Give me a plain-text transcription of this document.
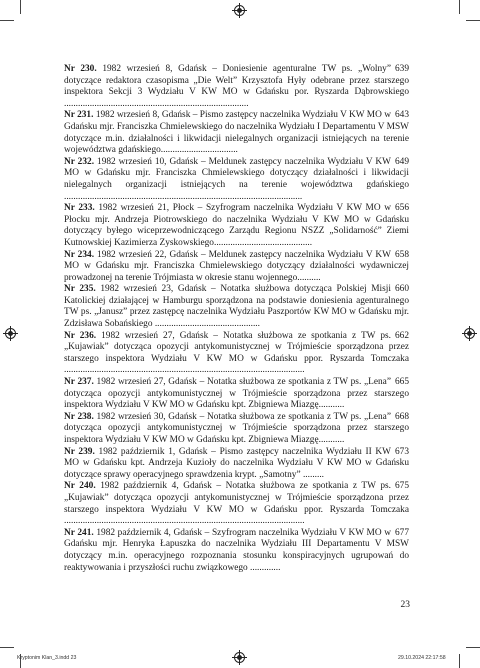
639
Nr 230. 1982 wrzesień 8, Gdańsk – Doniesienie agenturalne TW ps. „Wolny” dotyczące redaktora czasopisma „Die Welt” Krzysztofa Hyły odebrane przez starszego inspektora Sekcji 3 Wydziału V KW MO w Gdańsku por. Ryszarda Dąbrowskiego ...............................................................................

643
Nr 231. 1982 wrzesień 8, Gdańsk – Pismo zastępcy naczelnika Wydziału V KW MO w Gdańsku mjr. Franciszka Chmielewskiego do naczelnika Wydziału I Departamentu V MSW dotyczące m.in. działalności i likwidacji nielegalnych organizacji istniejących na terenie województwa gdańskiego.................................

649
Nr 232. 1982 wrzesień 10, Gdańsk – Meldunek zastępcy naczelnika Wydziału V KW MO w Gdańsku mjr. Franciszka Chmielewskiego dotyczący działalności i likwidacji nielegalnych organizacji istniejących na terenie województwa gdańskiego ......................................................................................................

656
Nr 233. 1982 wrzesień 21, Płock – Szyfrogram naczelnika Wydziału V KW MO w Płocku mjr. Andrzeja Piotrowskiego do naczelnika Wydziału V KW MO w Gdańsku dotyczący byłego wiceprzewodniczącego Zarządu Regionu NSZZ „Solidarność” Ziemi Kutnowskiej Kazimierza Zyskowskiego..........................................

658
Nr 234. 1982 wrzesień 22, Gdańsk – Meldunek zastępcy naczelnika Wydziału V KW MO w Gdańsku mjr. Franciszka Chmielewskiego dotyczący działalności wydawniczej prowadzonej na terenie Trójmiasta w okresie stanu wojennego..........

660
Nr 235. 1982 wrzesień 23, Gdańsk – Notatka służbowa dotycząca Polskiej Misji Katolickiej działającej w Hamburgu sporządzona na podstawie doniesienia agenturalnego TW ps. „Janusz” przez zastępcę naczelnika Wydziału Paszportów KW MO w Gdańsku mjr. Zdzisława Sobańskiego .............................................

662
Nr 236. 1982 wrzesień 27, Gdańsk – Notatka służbowa ze spotkania z TW ps. „Kujawiak” dotycząca opozycji antykomunistycznej w Trójmieście sporządzona przez starszego inspektora Wydziału V KW MO w Gdańsku ppor. Ryszarda Tomczaka .......................................................................................................

665
Nr 237. 1982 wrzesień 27, Gdańsk – Notatka służbowa ze spotkania z TW ps. „Lena” dotycząca opozycji antykomunistycznej w Trójmieście sporządzona przez starszego inspektora Wydziału V KW MO w Gdańsku kpt. Zbigniewa Miazgę...........

668
Nr 238. 1982 wrzesień 30, Gdańsk – Notatka służbowa ze spotkania z TW ps. „Lena” dotycząca opozycji antykomunistycznej w Trójmieście sporządzona przez starszego inspektora Wydziału V KW MO w Gdańsku kpt. Zbigniewa Miazgę...........

673
Nr 239. 1982 październik 1, Gdańsk – Pismo zastępcy naczelnika Wydziału II KW MO w Gdańsku kpt. Andrzeja Kuzioły do naczelnika Wydziału V KW MO w Gdańsku dotyczące sprawy operacyjnego sprawdzenia krypt. „Samotny” .........

675
Nr 240. 1982 październik 4, Gdańsk – Notatka służbowa ze spotkania z TW ps. „Kujawiak” dotycząca opozycji antykomunistycznej w Trójmieście sporządzona przez starszego inspektora Wydziału V KW MO w Gdańsku ppor. Ryszarda Tomczaka .......................................................................................................

677
Nr 241. 1982 październik 4, Gdańsk – Szyfrogram naczelnika Wydziału V KW MO w Gdańsku mjr. Henryka Łapuszka do naczelnika Wydziału III Departamentu V MSW dotyczący m.in. operacyjnego rozpoznania stosunku konspiracyjnych ugrupowań do reaktywowania i przyszłości ruchu związkowego .............

23
Kryptonim Klan_3.indd 23	29.10.2024 22:17:58
